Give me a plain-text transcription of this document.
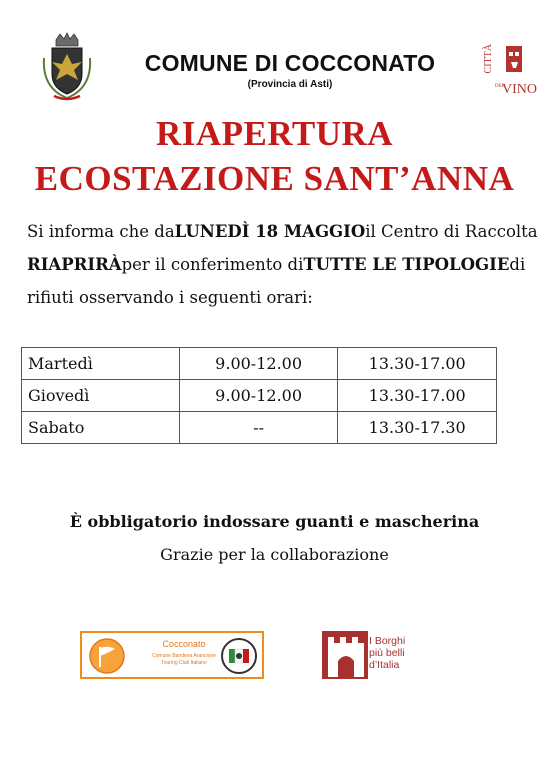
COMUNE DI COCCONATO
(Provincia di Asti)
CITTÀ
DEL
VINO
RIAPERTURA
ECOSTAZIONE SANT’ANNA
Si informa che da LUNEDÌ 18 MAGGIO il Centro di Raccolta
RIAPRIRÀ per il conferimento di TUTTE LE TIPOLOGIE di
rifiuti osservando i seguenti orari:
Martedì	9.00-12.00	13.30-17.00
Giovedì	9.00-12.00	13.30-17.00
Sabato	--	13.30-17.30
È obbligatorio indossare guanti e mascherina
Grazie per la collaborazione
Cocconato
Comune Bandiera Arancione
Touring Club Italiano
I Borghi
più belli
d’Italia
